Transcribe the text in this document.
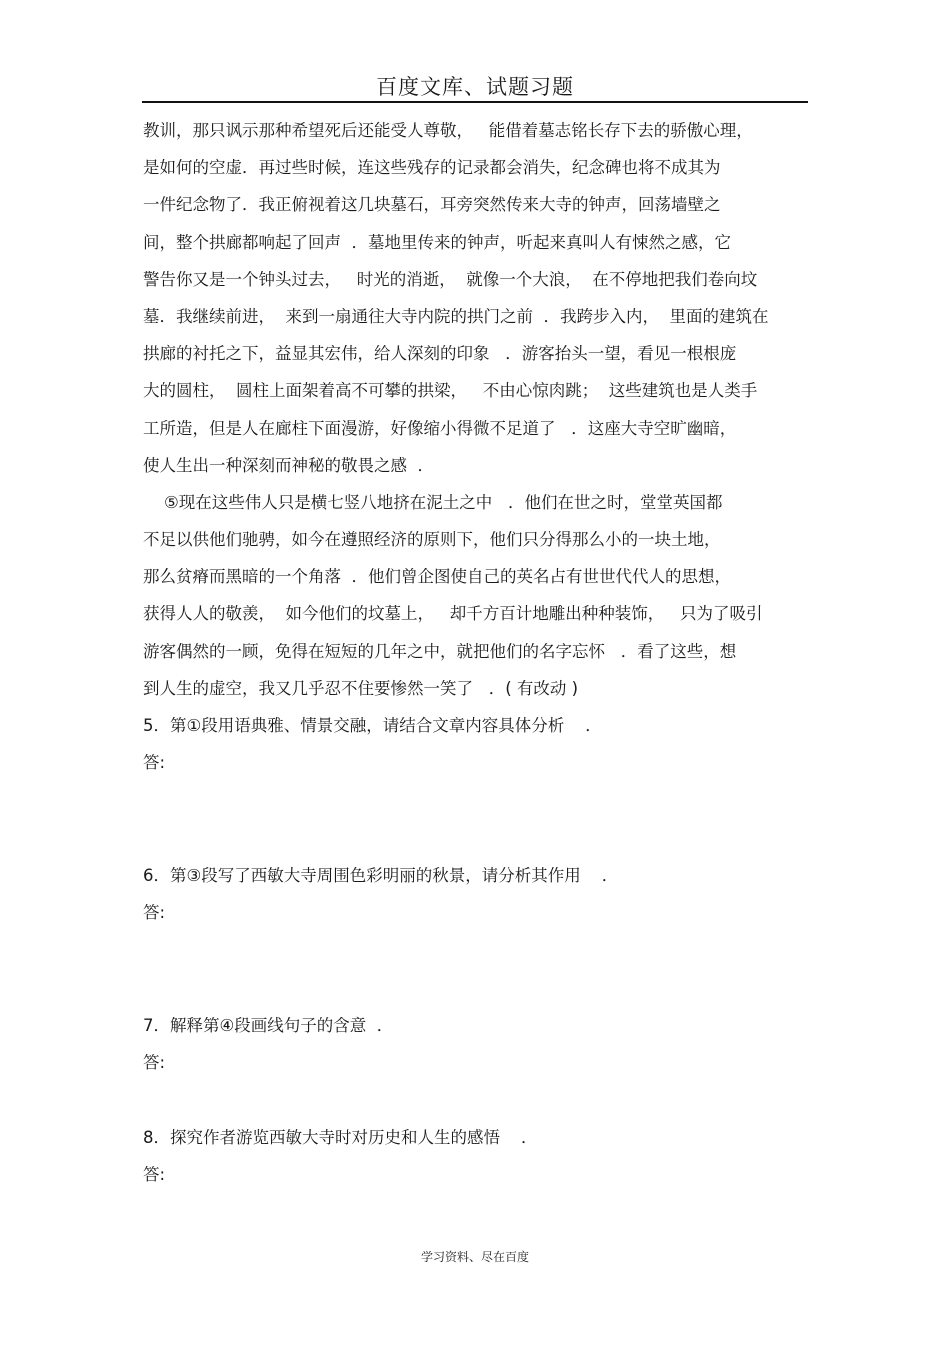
百度文库、试题习题
教训，那只讽示那种希望死后还能受人尊敬，   能借着墓志铭长存下去的骄傲心理，
是如何的空虚．再过些时候，连这些残存的记录都会消失，纪念碑也将不成其为
一件纪念物了．我正俯视着这几块墓石，耳旁突然传来大寺的钟声，回荡墙壁之
间，整个拱廊都响起了回声  ．墓地里传来的钟声，听起来真叫人有悚然之感，它
警告你又是一个钟头过去，   时光的消逝，  就像一个大浪，  在不停地把我们卷向坟
墓．我继续前进，  来到一扇通往大寺内院的拱门之前  ．我跨步入内，  里面的建筑在
拱廊的衬托之下，益显其宏伟，给人深刻的印象   ．游客抬头一望，看见一根根庞
大的圆柱，  圆柱上面架着高不可攀的拱梁，   不由心惊肉跳；  这些建筑也是人类手
工所造，但是人在廊柱下面漫游，好像缩小得微不足道了   ．这座大寺空旷幽暗，
使人生出一种深刻而神秘的敬畏之感  ．
⑤现在这些伟人只是横七竖八地挤在泥土之中   ．他们在世之时，堂堂英国都
不足以供他们驰骋，如今在遵照经济的原则下，他们只分得那么小的一块土地，
那么贫瘠而黑暗的一个角落  ．他们曾企图使自己的英名占有世世代代人的思想，
获得人人的敬羡，  如今他们的坟墓上，   却千方百计地雕出种种装饰，   只为了吸引
游客偶然的一顾，免得在短短的几年之中，就把他们的名字忘怀   ．看了这些，想
到人生的虚空，我又几乎忍不住要惨然一笑了   ．( 有改动 )
5．第①段用语典雅、情景交融，请结合文章内容具体分析    ．
答:
6．第③段写了西敏大寺周围色彩明丽的秋景，请分析其作用    ．
答:
7．解释第④段画线句子的含意  ．
答:
8．探究作者游览西敏大寺时对历史和人生的感悟    ．
答:
学习资料、尽在百度
